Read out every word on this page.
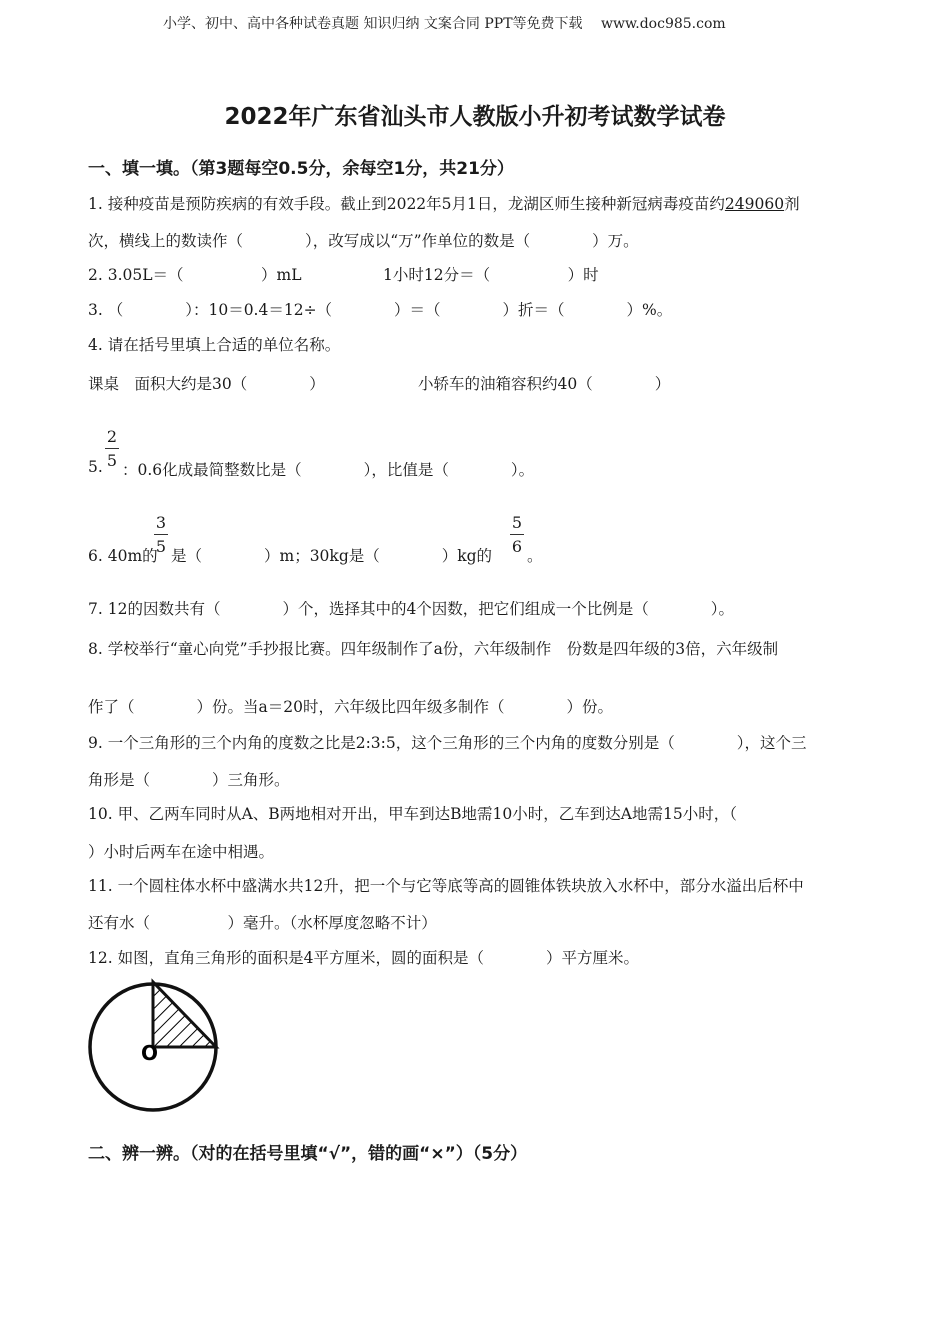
小学、初中、高中各种试卷真题 知识归纳 文案合同 PPT等免费下载 www.doc985.com
2022年广东省汕头市人教版小升初考试数学试卷
一、填一填。（第3题每空0.5分，余每空1分，共21分）
1. 接种疫苗是预防疾病的有效手段。截止到2022年5月1日，龙湖区师生接种新冠病毒疫苗约249060剂
次，横线上的数读作（　　　　），改写成以“万”作单位的数是（　　　　）万。
2. 3.05L＝（　　　　　）mL	1小时12分＝（　　　　　）时
3. （　　　　）：10＝0.4＝12÷（　　　　）＝（　　　　）折＝（　　　　）%。
4. 请在括号里填上合适的单位名称。
课桌　面积大约是30（　　　　）	小轿车的油箱容积约40（　　　　）
5.
2
5 ：0.6化成最简整数比是（　　　　），比值是（　　　　）。
6. 40m的
3
5 是（　　　　）m；30kg是（　　　　）kg的
5
6 。
7. 12的因数共有（　　　　）个，选择其中的4个因数，把它们组成一个比例是（　　　　）。
8. 学校举行“童心向党”手抄报比赛。四年级制作了a份，六年级制作　份数是四年级的3倍，六年级制
作了（　　　　）份。当a＝20时，六年级比四年级多制作（　　　　）份。
9. 一个三角形的三个内角的度数之比是2:3:5，这个三角形的三个内角的度数分别是（　　　　），这个三
角形是（　　　　）三角形。
10. 甲、乙两车同时从A、B两地相对开出，甲车到达B地需10小时，乙车到达A地需15小时，（
）小时后两车在途中相遇。
11. 一个圆柱体水杯中盛满水共12升，把一个与它等底等高的圆锥体铁块放入水杯中，部分水溢出后杯中
还有水（　　　　　）毫升。（水杯厚度忽略不计）
12. 如图，直角三角形的面积是4平方厘米，圆的面积是（　　　　）平方厘米。
O
二、辨一辨。（对的在括号里填“√”，错的画“×”）（5分）
